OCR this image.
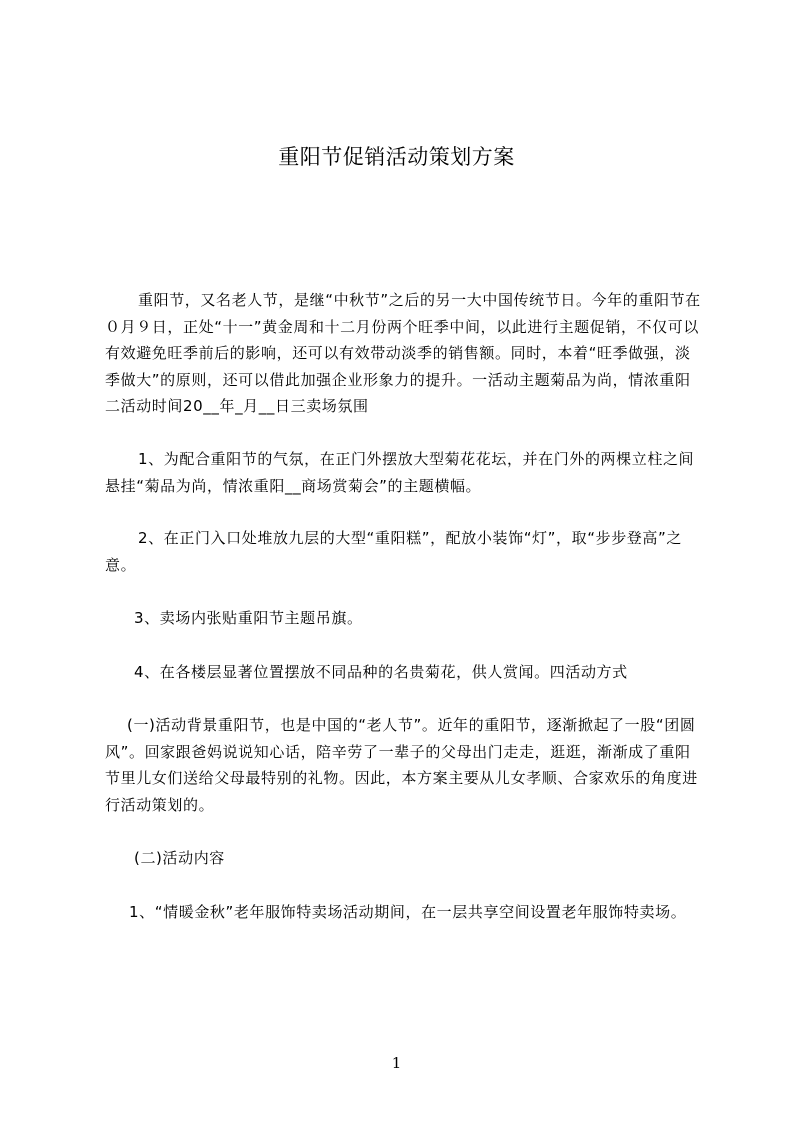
重阳节促销活动策划方案

重阳节，又名老人节，是继“中秋节”之后的另一大中国传统节日。今年的重阳节在０月９日，正处“十一”黄金周和十二月份两个旺季中间，以此进行主题促销，不仅可以有效避免旺季前后的影响，还可以有效带动淡季的销售额。同时，本着“旺季做强，淡季做大”的原则，还可以借此加强企业形象力的提升。一活动主题菊品为尚，情浓重阳二活动时间20__年_月__日三卖场氛围

1、为配合重阳节的气氛，在正门外摆放大型菊花花坛，并在门外的两棵立柱之间悬挂“菊品为尚，情浓重阳__商场赏菊会”的主题横幅。

2、在正门入口处堆放九层的大型“重阳糕”，配放小装饰“灯”，取“步步登高”之意。

3、卖场内张贴重阳节主题吊旗。

4、在各楼层显著位置摆放不同品种的名贵菊花，供人赏闻。四活动方式

(一)活动背景重阳节，也是中国的“老人节”。近年的重阳节，逐渐掀起了一股“团圆风”。回家跟爸妈说说知心话，陪辛劳了一辈子的父母出门走走，逛逛，渐渐成了重阳节里儿女们送给父母最特别的礼物。因此，本方案主要从儿女孝顺、合家欢乐的角度进行活动策划的。

(二)活动内容

1、“情暖金秋”老年服饰特卖场活动期间，在一层共享空间设置老年服饰特卖场。

1
